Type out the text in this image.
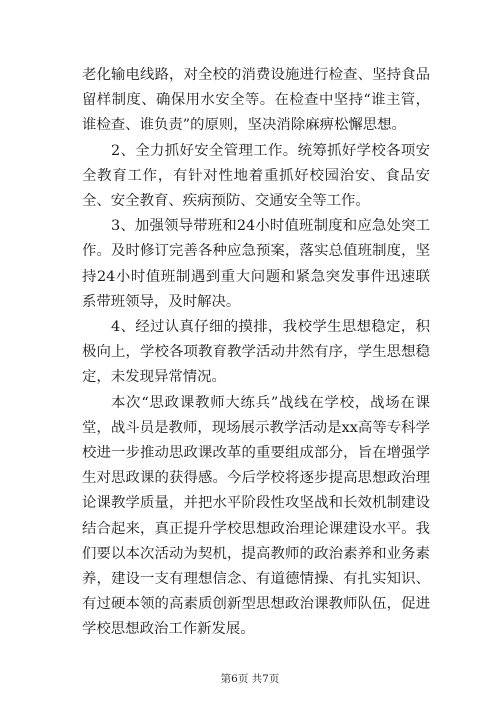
老化输电线路，对全校的消费设施进行检查、坚持食品留样制度、确保用水安全等。在检查中坚持“谁主管，谁检查、谁负责”的原则，坚决消除麻痹松懈思想。

2、全力抓好安全管理工作。统筹抓好学校各项安全教育工作，有针对性地着重抓好校园治安、食品安全、安全教育、疾病预防、交通安全等工作。

3、加强领导带班和24小时值班制度和应急处突工作。及时修订完善各种应急预案，落实总值班制度，坚持24小时值班制遇到重大问题和紧急突发事件迅速联系带班领导，及时解决。

4、经过认真仔细的摸排，我校学生思想稳定，积极向上，学校各项教育教学活动井然有序，学生思想稳定，未发现异常情况。

本次“思政课教师大练兵”战线在学校，战场在课堂，战斗员是教师，现场展示教学活动是xx高等专科学校进一步推动思政课改革的重要组成部分，旨在增强学生对思政课的获得感。今后学校将逐步提高思想政治理论课教学质量，并把水平阶段性攻坚战和长效机制建设结合起来，真正提升学校思想政治理论课建设水平。我们要以本次活动为契机，提高教师的政治素养和业务素养，建设一支有理想信念、有道德情操、有扎实知识、有过硬本领的高素质创新型思想政治课教师队伍，促进学校思想政治工作新发展。

第6页 共7页
